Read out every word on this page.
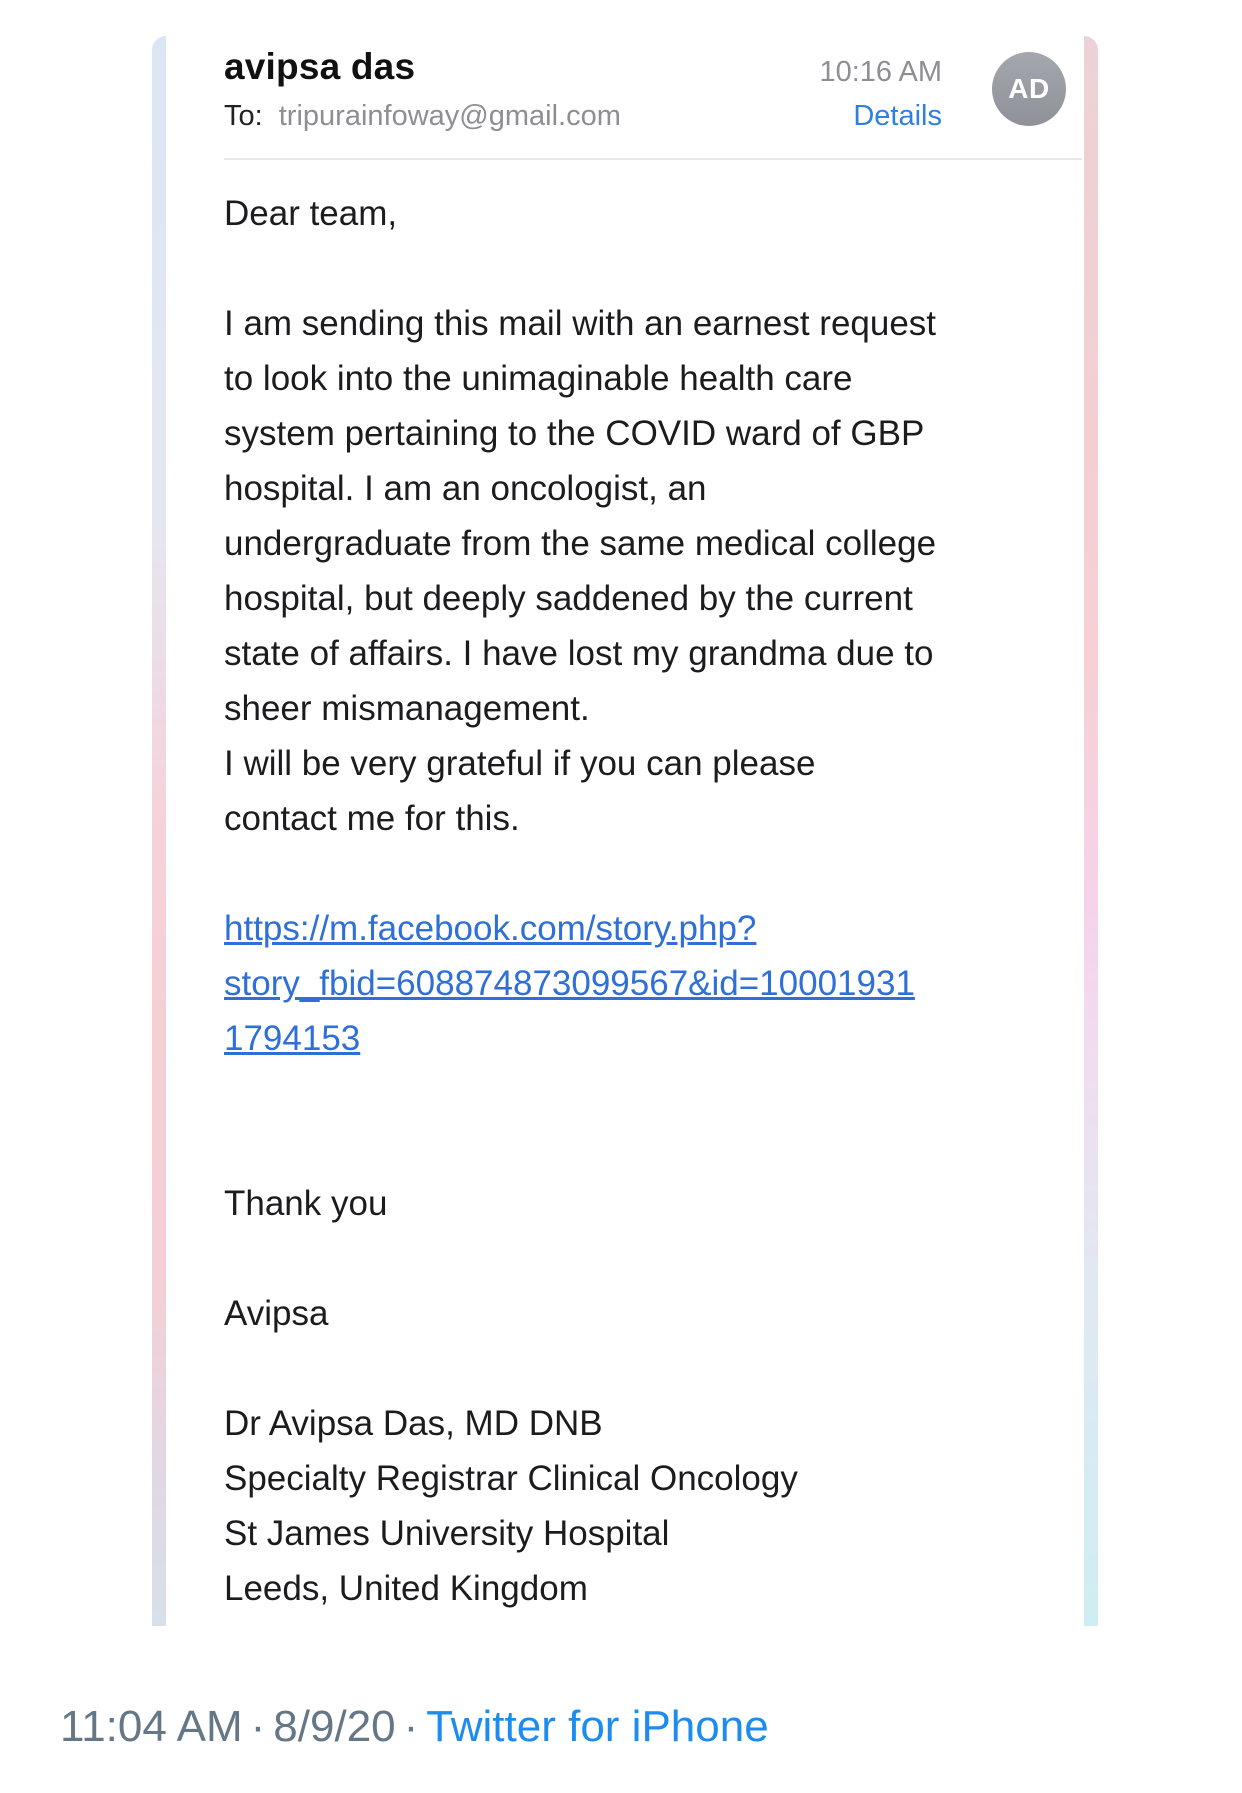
avipsa das
To: tripurainfoway@gmail.com
10:16 AM
Details
AD

Dear team,

I am sending this mail with an earnest request
to look into the unimaginable health care
system pertaining to the COVID ward of GBP
hospital. I am an oncologist, an
undergraduate from the same medical college
hospital, but deeply saddened by the current
state of affairs. I have lost my grandma due to
sheer mismanagement.
I will be very grateful if you can please
contact me for this.
https://m.facebook.com/story.php?
story_fbid=608874873099567&id=10001931
1794153

Thank you

Avipsa

Dr Avipsa Das, MD DNB
Specialty Registrar Clinical Oncology
St James University Hospital
Leeds, United Kingdom
11:04 AM · 8/9/20 · Twitter for iPhone
